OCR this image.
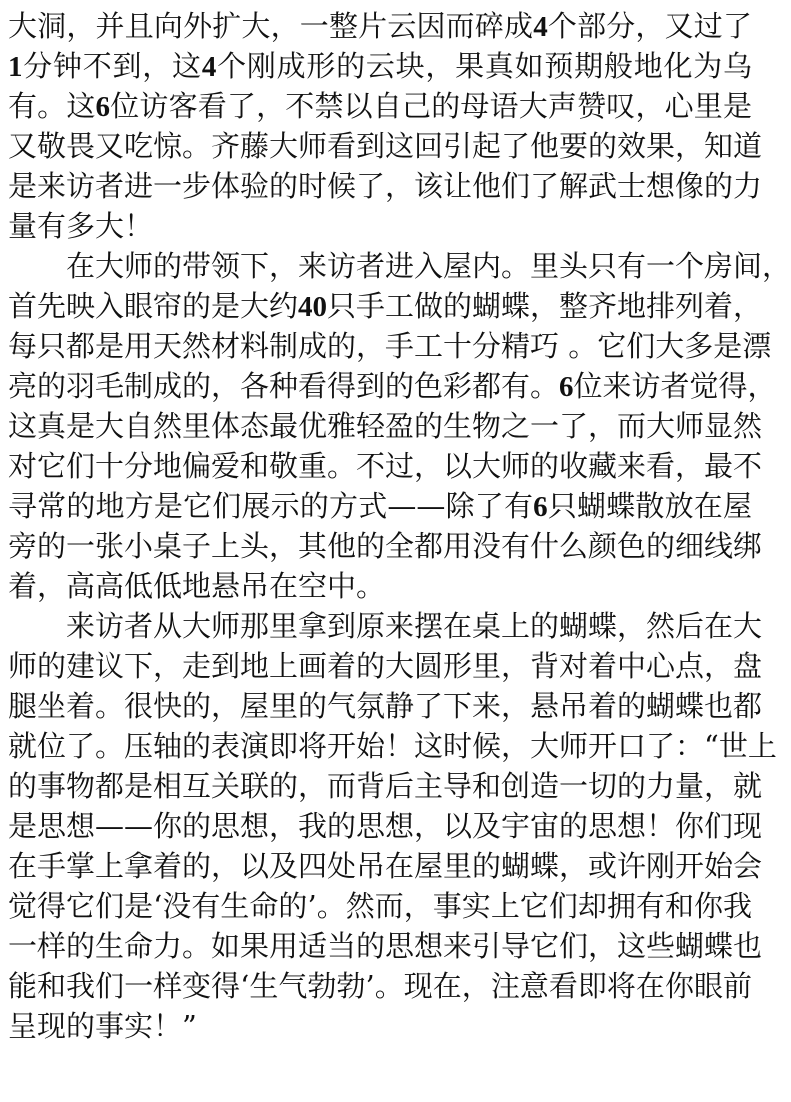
大洞，并且向外扩大，一整片云因而碎成4个部分，又过了
1分钟不到，这4个刚成形的云块，果真如预期般地化为乌
有。这6位访客看了，不禁以自己的母语大声赞叹，心里是
又敬畏又吃惊。齐藤大师看到这回引起了他要的效果，知道
是来访者进一步体验的时候了，该让他们了解武士想像的力
量有多大！
在大师的带领下，来访者进入屋内。里头只有一个房间，
首先映入眼帘的是大约40只手工做的蝴蝶，整齐地排列着，
每只都是用天然材料制成的，手工十分精巧 。它们大多是漂
亮的羽毛制成的，各种看得到的色彩都有。6位来访者觉得，
这真是大自然里体态最优雅轻盈的生物之一了，而大师显然
对它们十分地偏爱和敬重。不过，以大师的收藏来看，最不
寻常的地方是它们展示的方式——除了有6只蝴蝶散放在屋
旁的一张小桌子上头，其他的全都用没有什么颜色的细线绑
着，高高低低地悬吊在空中。
来访者从大师那里拿到原来摆在桌上的蝴蝶，然后在大
师的建议下，走到地上画着的大圆形里，背对着中心点，盘
腿坐着。很快的，屋里的气氛静了下来，悬吊着的蝴蝶也都
就位了。压轴的表演即将开始！这时候，大师开口了：“世上
的事物都是相互关联的，而背后主导和创造一切的力量，就
是思想——你的思想，我的思想，以及宇宙的思想！你们现
在手掌上拿着的，以及四处吊在屋里的蝴蝶，或许刚开始会
觉得它们是‘没有生命的’。然而，事实上它们却拥有和你我
一样的生命力。如果用适当的思想来引导它们，这些蝴蝶也
能和我们一样变得‘生气勃勃’。现在，注意看即将在你眼前
呈现的事实！”
